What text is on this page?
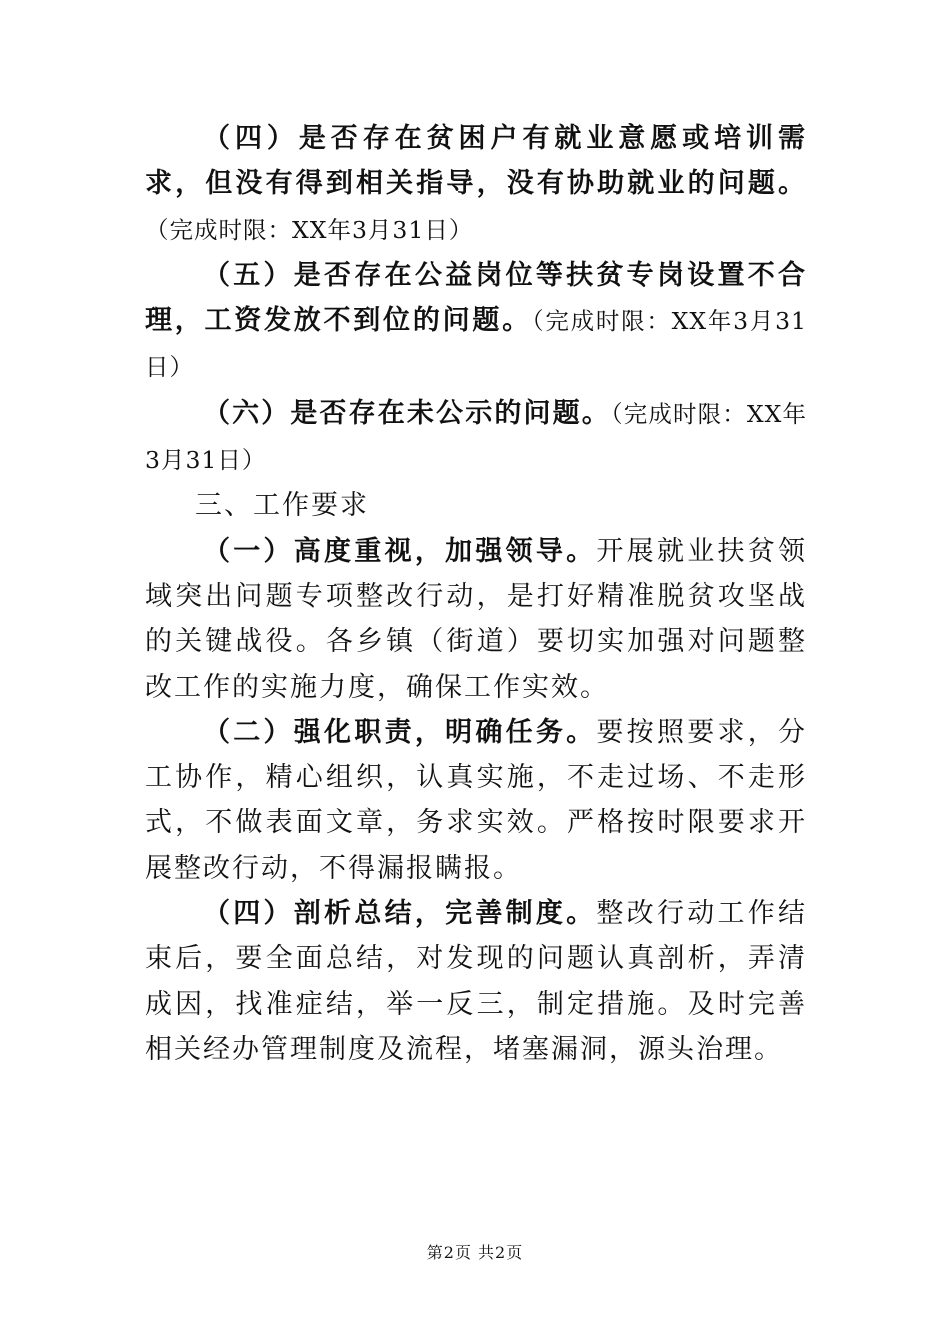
（四）是否存在贫困户有就业意愿或培训需求，但没有得到相关指导，没有协助就业的问题。（完成时限：XX年3月31日）

（五）是否存在公益岗位等扶贫专岗设置不合理，工资发放不到位的问题。（完成时限：XX年3月31日）

（六）是否存在未公示的问题。（完成时限：XX年3月31日）

三、工作要求

（一）高度重视，加强领导。开展就业扶贫领域突出问题专项整改行动，是打好精准脱贫攻坚战的关键战役。各乡镇（街道）要切实加强对问题整改工作的实施力度，确保工作实效。

（二）强化职责，明确任务。要按照要求，分工协作，精心组织，认真实施，不走过场、不走形式，不做表面文章，务求实效。严格按时限要求开展整改行动，不得漏报瞒报。

（四）剖析总结，完善制度。整改行动工作结束后，要全面总结，对发现的问题认真剖析，弄清成因，找准症结，举一反三，制定措施。及时完善相关经办管理制度及流程，堵塞漏洞，源头治理。

第2页 共2页
